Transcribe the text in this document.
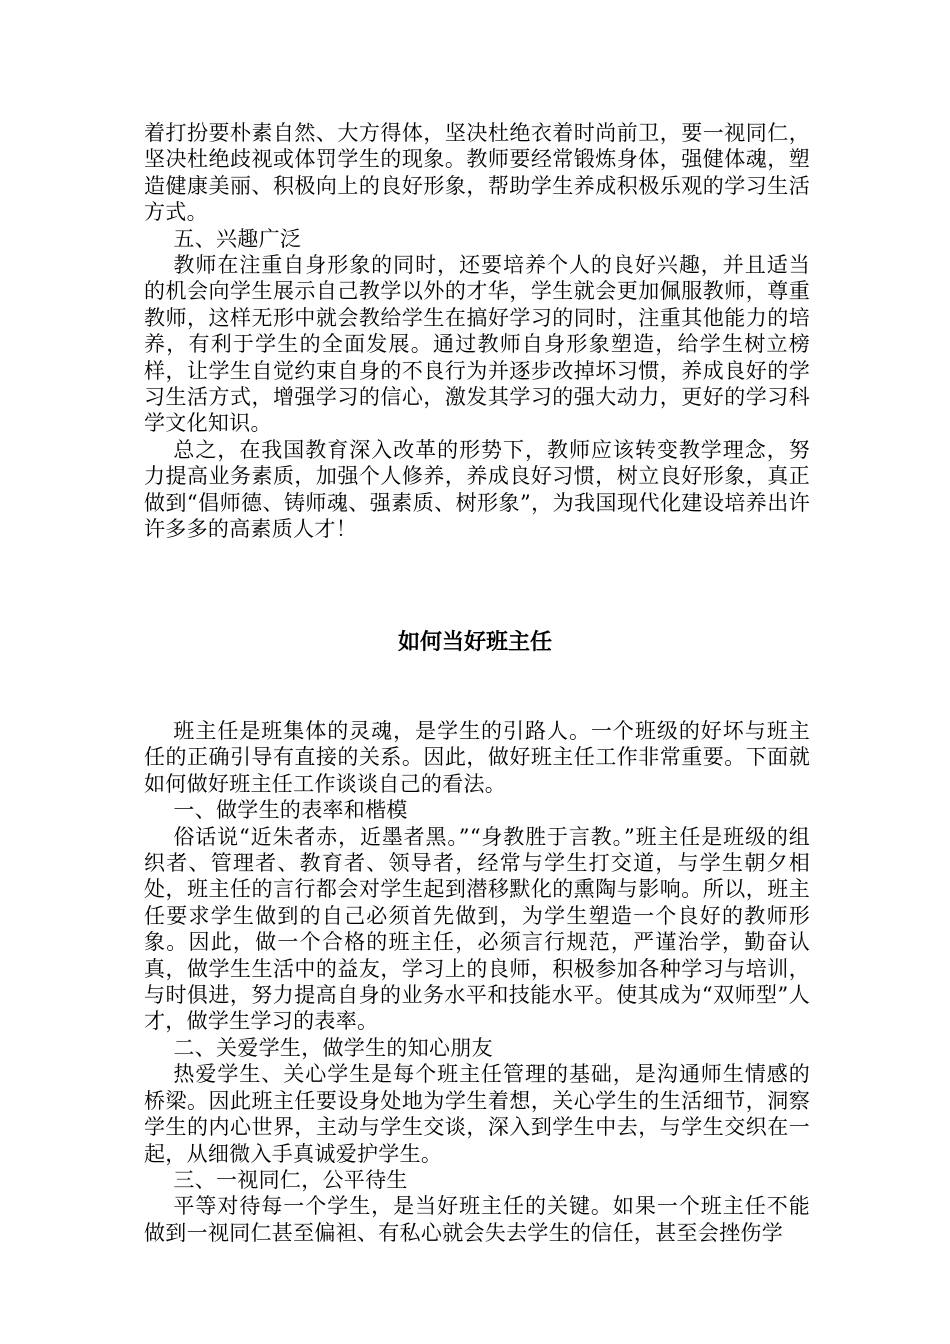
着打扮要朴素自然、大方得体，坚决杜绝衣着时尚前卫，要一视同仁，坚决杜绝歧视或体罚学生的现象。教师要经常锻炼身体，强健体魂，塑造健康美丽、积极向上的良好形象，帮助学生养成积极乐观的学习生活方式。

五、兴趣广泛

教师在注重自身形象的同时，还要培养个人的良好兴趣，并且适当的机会向学生展示自己教学以外的才华，学生就会更加佩服教师，尊重教师，这样无形中就会教给学生在搞好学习的同时，注重其他能力的培养，有利于学生的全面发展。通过教师自身形象塑造，给学生树立榜样，让学生自觉约束自身的不良行为并逐步改掉坏习惯，养成良好的学习生活方式，增强学习的信心，激发其学习的强大动力，更好的学习科学文化知识。

总之，在我国教育深入改革的形势下，教师应该转变教学理念，努力提高业务素质，加强个人修养，养成良好习惯，树立良好形象，真正做到“倡师德、铸师魂、强素质、树形象”，为我国现代化建设培养出许许多多的高素质人才！

如何当好班主任

班主任是班集体的灵魂，是学生的引路人。一个班级的好坏与班主任的正确引导有直接的关系。因此，做好班主任工作非常重要。下面就如何做好班主任工作谈谈自己的看法。

一、做学生的表率和楷模

俗话说“近朱者赤，近墨者黑。”“身教胜于言教。”班主任是班级的组织者、管理者、教育者、领导者，经常与学生打交道，与学生朝夕相处，班主任的言行都会对学生起到潜移默化的熏陶与影响。所以，班主任要求学生做到的自己必须首先做到，为学生塑造一个良好的教师形象。因此，做一个合格的班主任，必须言行规范，严谨治学，勤奋认真，做学生生活中的益友，学习上的良师，积极参加各种学习与培训，与时俱进，努力提高自身的业务水平和技能水平。使其成为“双师型”人才，做学生学习的表率。

二、关爱学生，做学生的知心朋友

热爱学生、关心学生是每个班主任管理的基础，是沟通师生情感的桥梁。因此班主任要设身处地为学生着想，关心学生的生活细节，洞察学生的内心世界，主动与学生交谈，深入到学生中去，与学生交织在一起，从细微入手真诚爱护学生。

三、一视同仁，公平待生

平等对待每一个学生，是当好班主任的关键。如果一个班主任不能做到一视同仁甚至偏袒、有私心就会失去学生的信任，甚至会挫伤学
